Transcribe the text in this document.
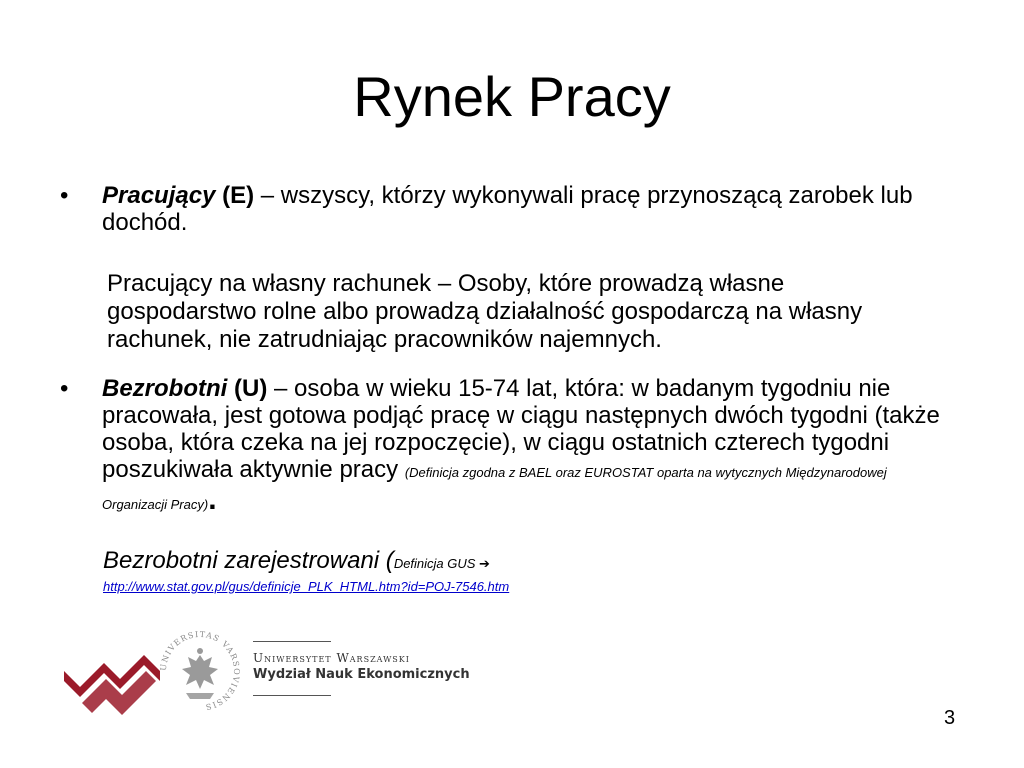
Rynek Pracy
• Pracujący (E) – wszyscy, którzy wykonywali pracę przynoszącą zarobek lub dochód.
Pracujący na własny rachunek – Osoby, które prowadzą własne gospodarstwo rolne albo prowadzą działalność gospodarczą na własny rachunek, nie zatrudniając pracowników najemnych.
• Bezrobotni (U) – osoba w wieku 15-74 lat, która: w badanym tygodniu nie pracowała, jest gotowa podjąć pracę w ciągu następnych dwóch tygodni (także osoba, która czeka na jej rozpoczęcie), w ciągu ostatnich czterech tygodni poszukiwała aktywnie pracy (Definicja zgodna z BAEL oraz EUROSTAT oparta na wytycznych Międzynarodowej Organizacji Pracy).
Bezrobotni zarejestrowani (Definicja GUS ➔
http://www.stat.gov.pl/gus/definicje_PLK_HTML.htm?id=POJ-7546.htm
UNIVERSITAS VARSOVIENSIS
Uniwersytet Warszawski
Wydział Nauk Ekonomicznych
3
